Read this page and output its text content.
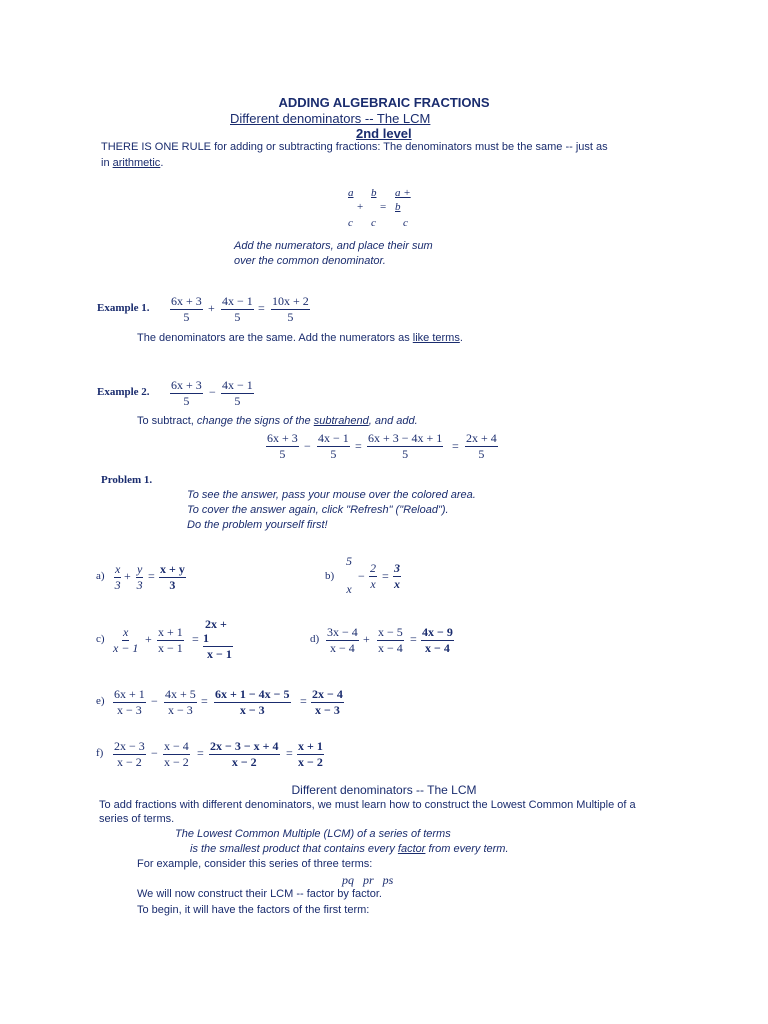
ADDING ALGEBRAIC FRACTIONS
Different denominators -- The LCM
2nd level
THERE IS ONE RULE for adding or subtracting fractions: The denominators must be the same -- just as
in arithmetic.
a b a +
+ = b
c c c
Add the numerators, and place their sum
over the common denominator.
Example 1. $\frac{6x + 3}{5} + \frac{4x - 1}{5} = \frac{10x + 2}{5}$
The denominators are the same. Add the numerators as like terms.
Example 2. $\frac{6x + 3}{5} - \frac{4x - 1}{5}$
To subtract, change the signs of the subtrahend, and add.
$\frac{6x + 3}{5} - \frac{4x - 1}{5} = \frac{6x + 3 - 4x + 1}{5} = \frac{2x + 4}{5}$
Problem 1.
To see the answer, pass your mouse over the colored area.
To cover the answer again, click "Refresh" ("Reload").
Do the problem yourself first!
$a) \frac{x}{3} + \frac{y}{3} = \frac{x + y}{3}$	b)
5
x
− $\frac{2}{x} = \frac{3}{x}$
$c) \frac{x}{x - 1} + \frac{x + 1}{x - 1}$ =
2x +
1
x − 1
$d) \frac{3x - 4}{x - 4} + \frac{x - 5}{x - 4} = \frac{4x - 9}{x - 4}$
$e) \frac{6x + 1}{x - 3} - \frac{4x + 5}{x - 3} = \frac{6x + 1 - 4x - 5}{x - 3} = \frac{2x - 4}{x - 3}$
$f) \frac{2x - 3}{x - 2} - \frac{x - 4}{x - 2} = \frac{2x - 3 - x + 4}{x - 2} = \frac{x + 1}{x - 2}$
Different denominators -- The LCM
To add fractions with different denominators, we must learn how to construct the Lowest Common Multiple of a
series of terms.
The Lowest Common Multiple (LCM) of a series of terms
is the smallest product that contains every factor from every term.
For example, consider this series of three terms:
pq   pr   ps
We will now construct their LCM -- factor by factor.
To begin, it will have the factors of the first term:
